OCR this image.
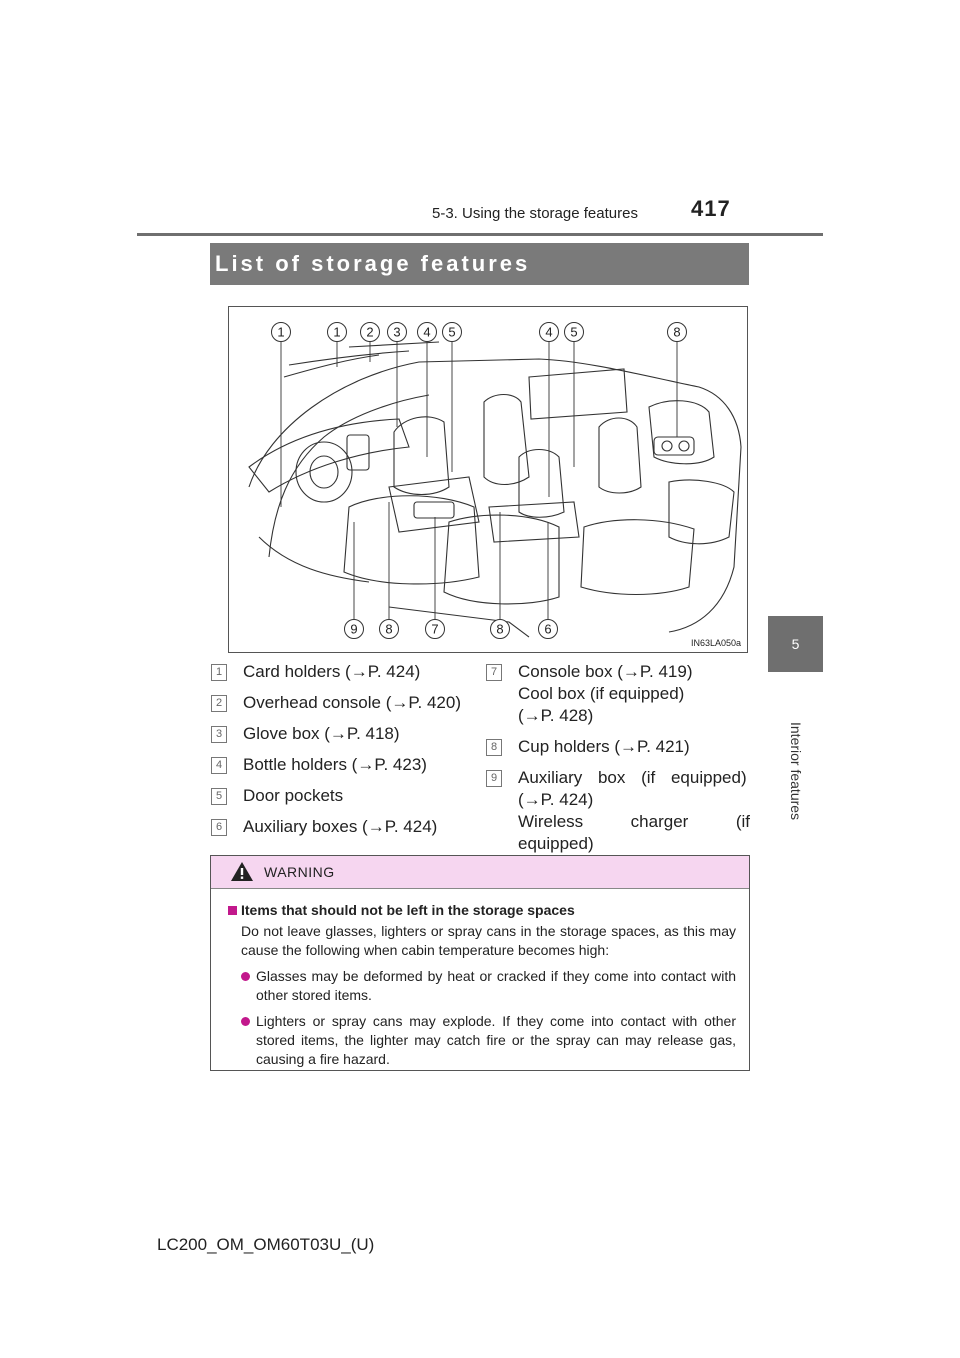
5-3. Using the storage features 417
5
Interior features
List of storage features
1	1 2 3 4 5	4 5	8
9 8	7	8	6
IN63LA050a
1 Card holders (→P. 424)
2 Overhead console (→P. 420)
3 Glove box (→P. 418)
4 Bottle holders (→P. 423)
5 Door pockets
6 Auxiliary boxes (→P. 424)
7 Console box (→P. 419)
Cool box (if equipped)
(→P. 428)
8 Cup holders (→P. 421)
9 Auxiliary box (if equipped)
(→P. 424)
Wireless charger (if equipped)
WARNING
Items that should not be left in the storage spaces
Do not leave glasses, lighters or spray cans in the storage spaces, as this may cause the following when cabin temperature becomes high:
Glasses may be deformed by heat or cracked if they come into contact with other stored items.
Lighters or spray cans may explode. If they come into contact with other stored items, the lighter may catch fire or the spray can may release gas, causing a fire hazard.
LC200_OM_OM60T03U_(U)
